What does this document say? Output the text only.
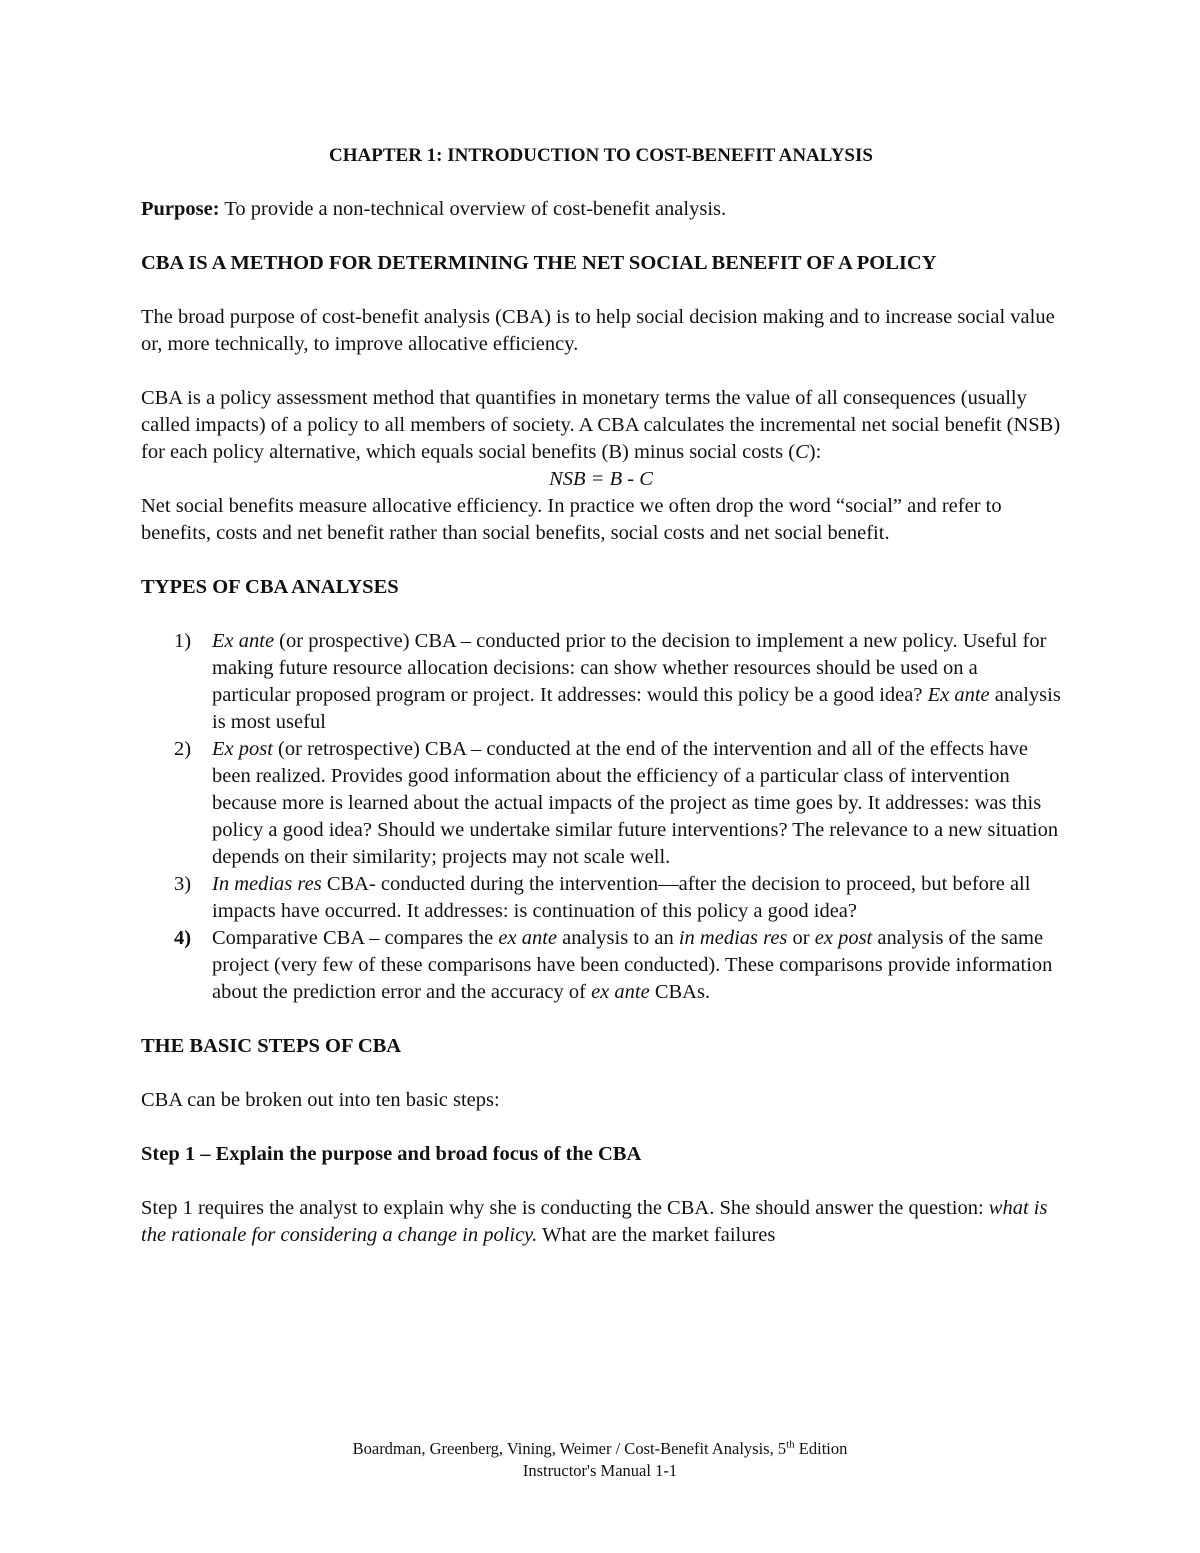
CHAPTER 1: INTRODUCTION TO COST-BENEFIT ANALYSIS

Purpose: To provide a non-technical overview of cost-benefit analysis.

CBA IS A METHOD FOR DETERMINING THE NET SOCIAL BENEFIT OF A POLICY

The broad purpose of cost-benefit analysis (CBA) is to help social decision making and to increase social value or, more technically, to improve allocative efficiency.

CBA is a policy assessment method that quantifies in monetary terms the value of all consequences (usually called impacts) of a policy to all members of society. A CBA calculates the incremental net social benefit (NSB) for each policy alternative, which equals social benefits (B) minus social costs (C):

NSB = B - C

Net social benefits measure allocative efficiency. In practice we often drop the word “social” and refer to benefits, costs and net benefit rather than social benefits, social costs and net social benefit.

TYPES OF CBA ANALYSES
1) Ex ante (or prospective) CBA – conducted prior to the decision to implement a new policy. Useful for making future resource allocation decisions: can show whether resources should be used on a particular proposed program or project. It addresses: would this policy be a good idea? Ex ante analysis is most useful
2) Ex post (or retrospective) CBA – conducted at the end of the intervention and all of the effects have been realized. Provides good information about the efficiency of a particular class of intervention because more is learned about the actual impacts of the project as time goes by. It addresses: was this policy a good idea? Should we undertake similar future interventions? The relevance to a new situation depends on their similarity; projects may not scale well.
3) In medias res CBA- conducted during the intervention—after the decision to proceed, but before all impacts have occurred. It addresses: is continuation of this policy a good idea?
4) Comparative CBA – compares the ex ante analysis to an in medias res or ex post analysis of the same project (very few of these comparisons have been conducted). These comparisons provide information about the prediction error and the accuracy of ex ante CBAs.
THE BASIC STEPS OF CBA

CBA can be broken out into ten basic steps:

Step 1 – Explain the purpose and broad focus of the CBA

Step 1 requires the analyst to explain why she is conducting the CBA. She should answer the question: what is the rationale for considering a change in policy. What are the market failures

Boardman, Greenberg, Vining, Weimer / Cost-Benefit Analysis, 5th Edition
Instructor's Manual 1-1
